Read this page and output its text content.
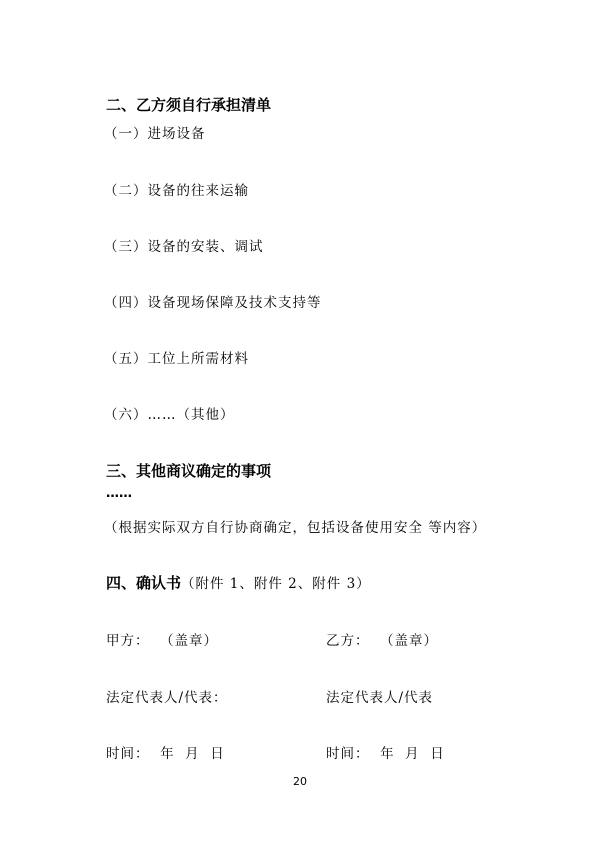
二、乙方须自行承担清单
（一）进场设备
（二）设备的往来运输
（三）设备的安装、调试
（四）设备现场保障及技术支持等
（五）工位上所需材料
（六）……（其他）
三、其他商议确定的事项
……
（根据实际双方自行协商确定，包括设备使用安全 等内容）
四、确认书（附件 1、附件 2、附件 3）
甲方： （盖章）	乙方： （盖章）
法定代表人/代表：	法定代表人/代表
时间：  年  月  日	时间：  年  月  日
20
